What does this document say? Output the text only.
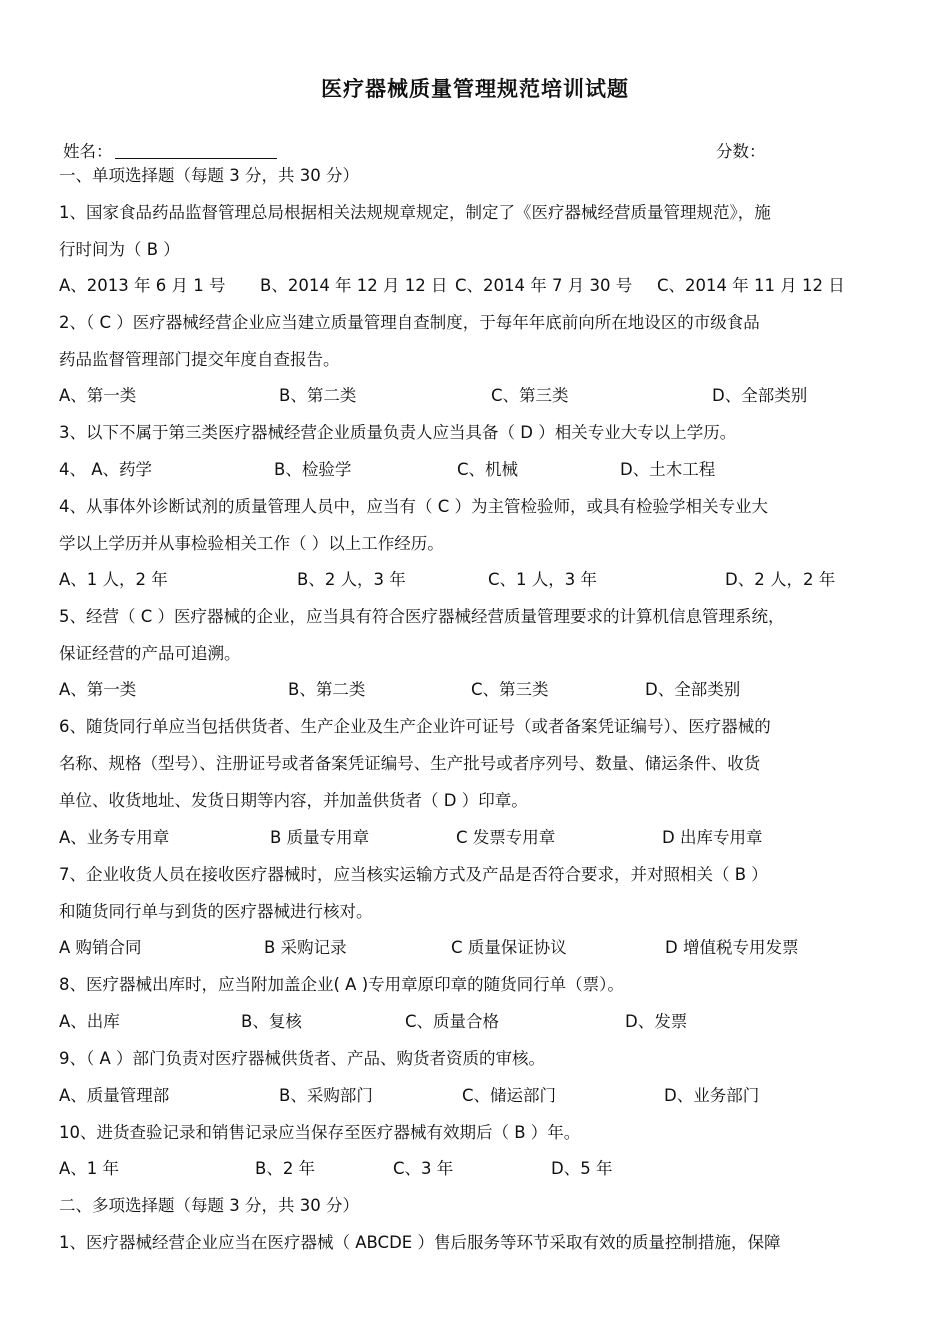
医疗器械质量管理规范培训试题
姓名：	分数：
一、单项选择题（每题 3 分，共 30 分）
1、国家食品药品监督管理总局根据相关法规规章规定，制定了《医疗器械经营质量管理规范》，施
行时间为（ B ）
A、2013 年 6 月 1 号 B、2014 年 12 月 12 日 C、2014 年 7 月 30 号 C、2014 年 11 月 12 日
2、（ C ）医疗器械经营企业应当建立质量管理自查制度，于每年年底前向所在地设区的市级食品
药品监督管理部门提交年度自查报告。
A、第一类	B、第二类	C、第三类	D、全部类别
3、以下不属于第三类医疗器械经营企业质量负责人应当具备（ D ）相关专业大专以上学历。
4、 A、药学	B、检验学	C、机械	D、土木工程
4、从事体外诊断试剂的质量管理人员中，应当有（ C ）为主管检验师，或具有检验学相关专业大
学以上学历并从事检验相关工作（ ）以上工作经历。
A、1 人，2 年	B、2 人，3 年	C、1 人，3 年	D、2 人，2 年
5、经营（ C ）医疗器械的企业，应当具有符合医疗器械经营质量管理要求的计算机信息管理系统，
保证经营的产品可追溯。
A、第一类	B、第二类	C、第三类	D、全部类别
6、随货同行单应当包括供货者、生产企业及生产企业许可证号（或者备案凭证编号）、医疗器械的
名称、规格（型号）、注册证号或者备案凭证编号、生产批号或者序列号、数量、储运条件、收货
单位、收货地址、发货日期等内容，并加盖供货者（ D ）印章。
A、业务专用章	B 质量专用章	C 发票专用章	D 出库专用章
7、企业收货人员在接收医疗器械时，应当核实运输方式及产品是否符合要求，并对照相关（ B ）
和随货同行单与到货的医疗器械进行核对。
A 购销合同	B 采购记录	C 质量保证协议	D 增值税专用发票
8、医疗器械出库时，应当附加盖企业( A )专用章原印章的随货同行单（票）。
A、出库	B、复核	C、质量合格	D、发票
9、（ A ）部门负责对医疗器械供货者、产品、购货者资质的审核。
A、质量管理部	B、采购部门	C、储运部门	D、业务部门
10、进货查验记录和销售记录应当保存至医疗器械有效期后（ B ）年。
A、1 年	B、2 年	C、3 年	D、5 年
二、多项选择题（每题 3 分，共 30 分）
1、医疗器械经营企业应当在医疗器械（ ABCDE ）售后服务等环节采取有效的质量控制措施，保障
